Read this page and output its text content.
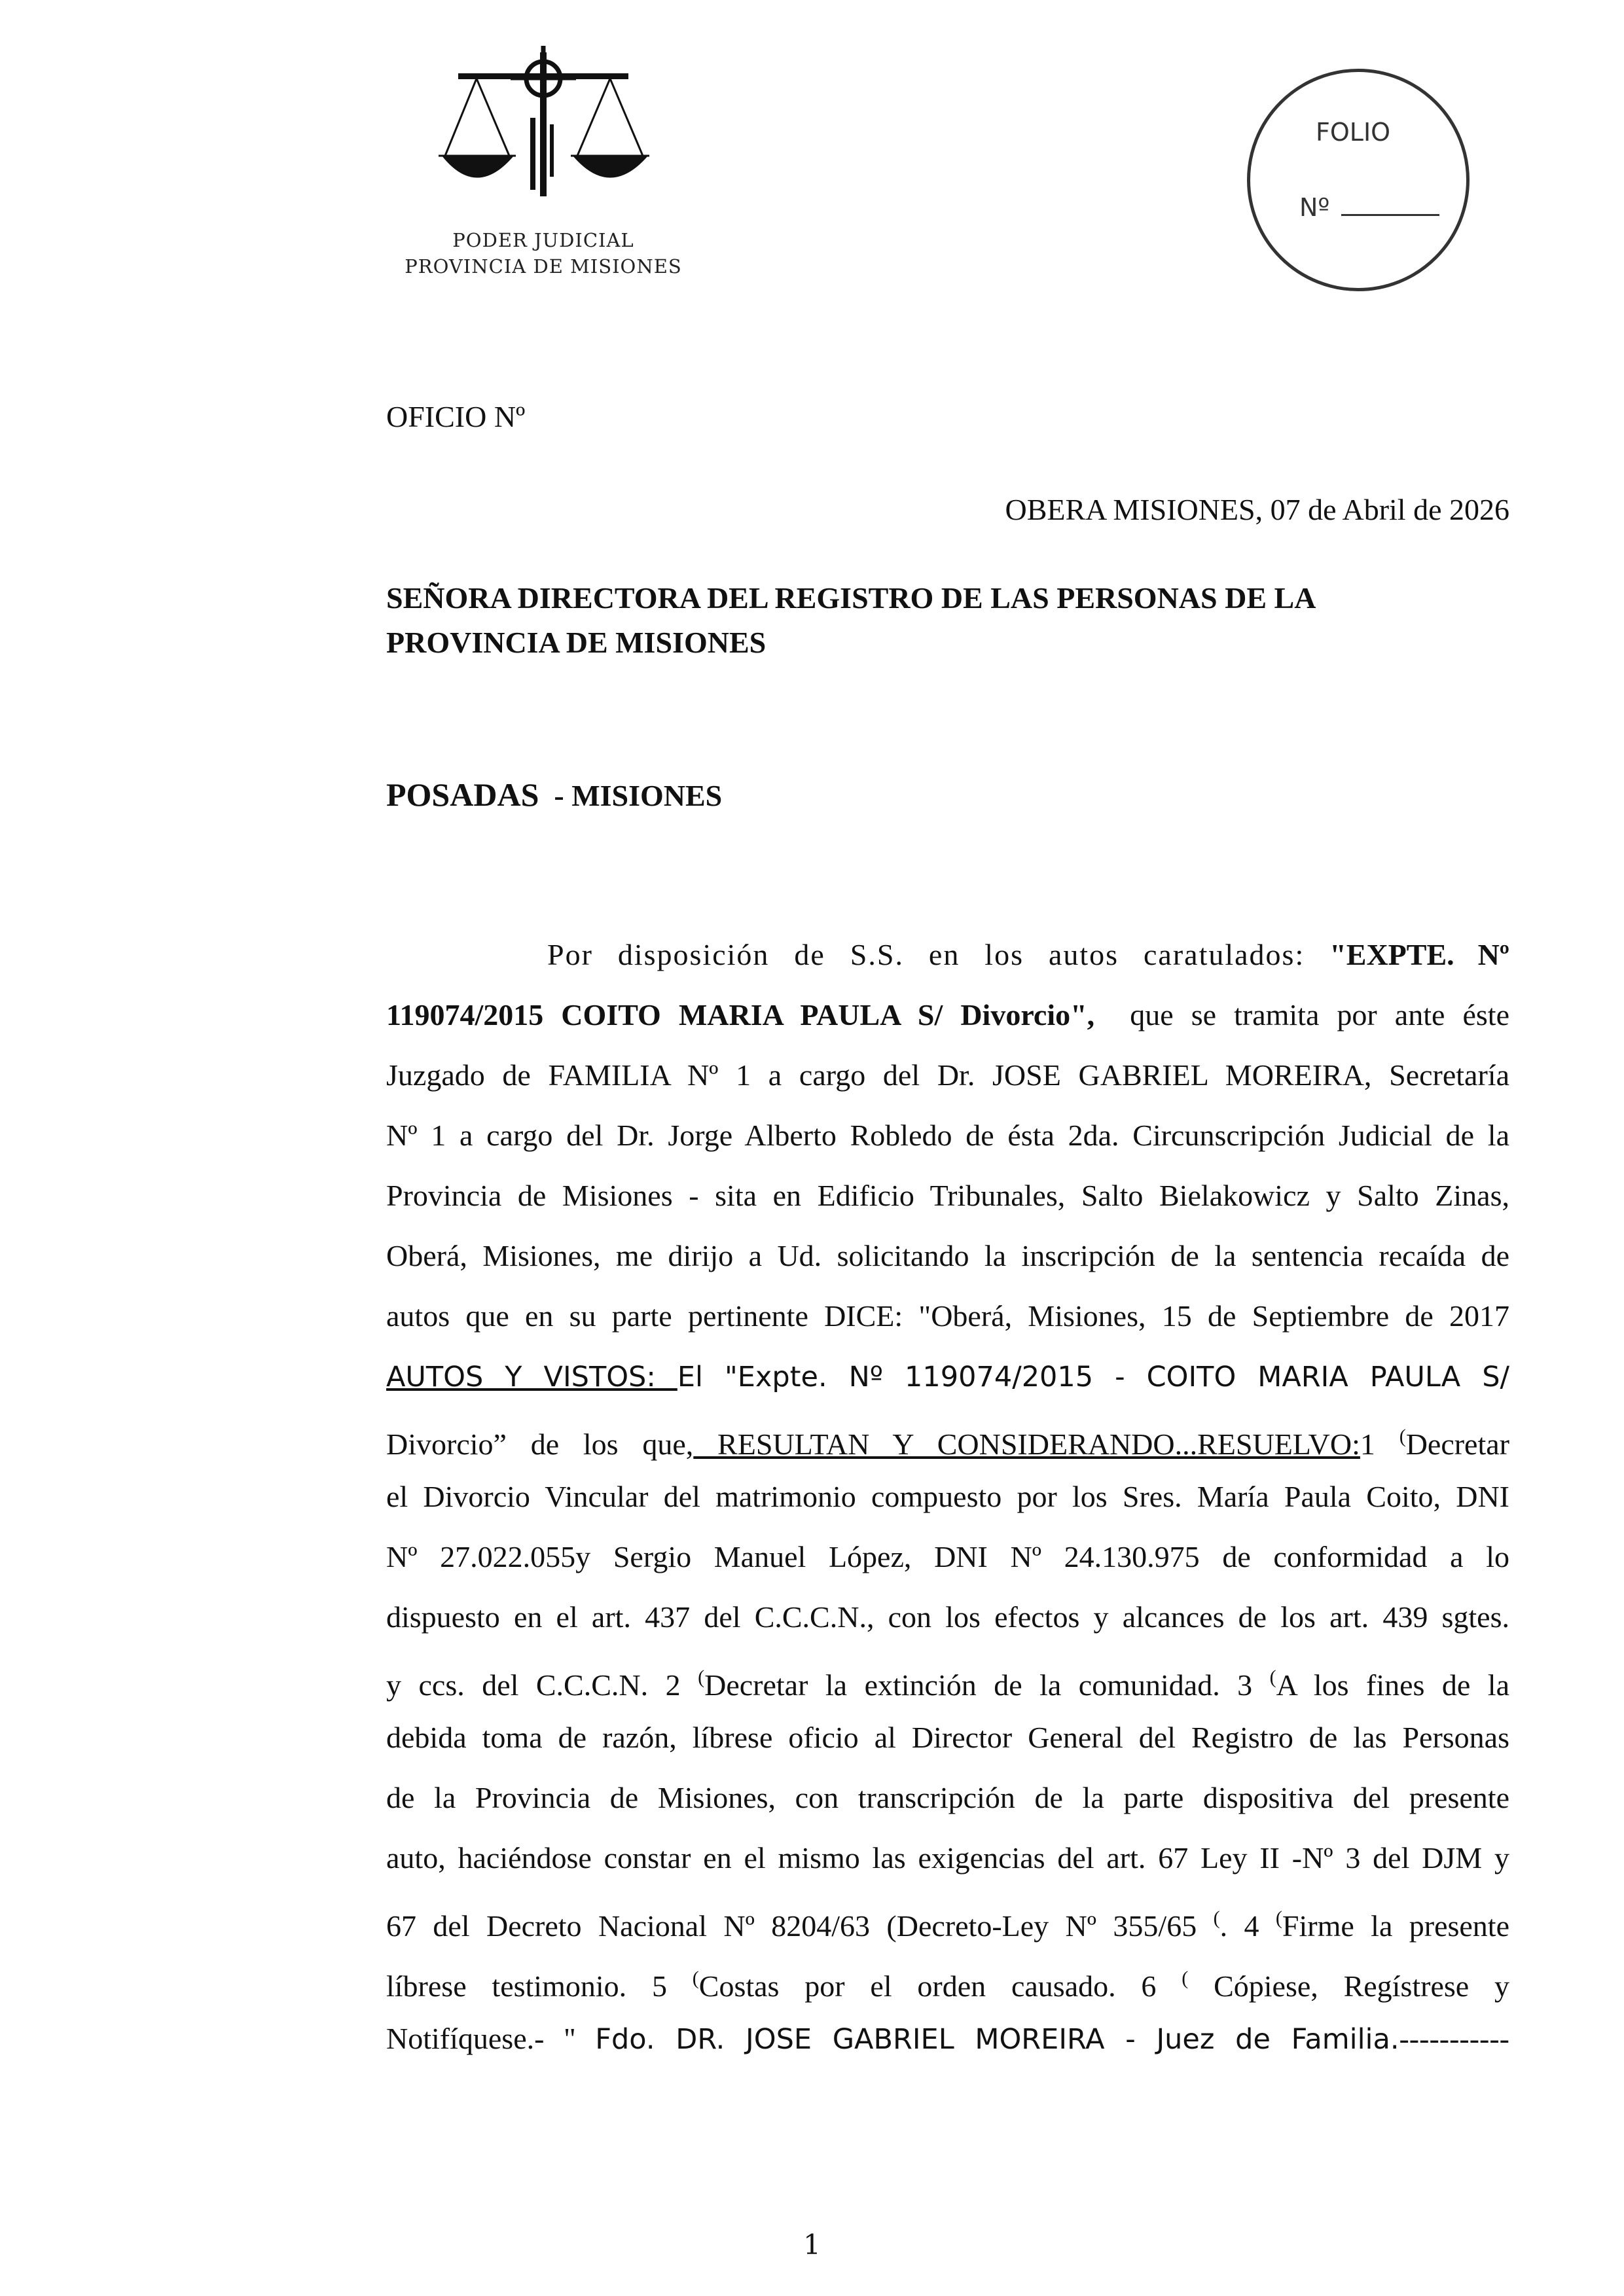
PODER JUDICIAL
PROVINCIA DE MISIONES
FOLIO
Nº
OFICIO Nº
OBERA MISIONES, 07 de Abril de 2026
SEÑORA DIRECTORA DEL REGISTRO DE LAS PERSONAS DE LA
PROVINCIA DE MISIONES
POSADAS - MISIONES
Por disposición de S.S. en los autos caratulados: "EXPTE. Nº
119074/2015 COITO MARIA PAULA S/ Divorcio", que se tramita por ante éste
Juzgado de FAMILIA Nº 1 a cargo del Dr. JOSE GABRIEL MOREIRA, Secretaría
Nº 1 a cargo del Dr. Jorge Alberto Robledo de ésta 2da. Circunscripción Judicial de la
Provincia de Misiones - sita en Edificio Tribunales, Salto Bielakowicz y Salto Zinas,
Oberá, Misiones, me dirijo a Ud. solicitando la inscripción de la sentencia recaída de
autos que en su parte pertinente DICE: "Oberá, Misiones, 15 de Septiembre de 2017
AUTOS Y VISTOS: El "Expte. Nº 119074/2015 - COITO MARIA PAULA S/
Divorcio” de los que, RESULTAN Y CONSIDERANDO...RESUELVO:1 (Decretar
el Divorcio Vincular del matrimonio compuesto por los Sres. María Paula Coito, DNI
Nº 27.022.055y Sergio Manuel López, DNI Nº 24.130.975 de conformidad a lo
dispuesto en el art. 437 del C.C.C.N., con los efectos y alcances de los art. 439 sgtes.
y ccs. del C.C.C.N. 2 (Decretar la extinción de la comunidad. 3 (A los fines de la
debida toma de razón, líbrese oficio al Director General del Registro de las Personas
de la Provincia de Misiones, con transcripción de la parte dispositiva del presente
auto, haciéndose constar en el mismo las exigencias del art. 67 Ley II -Nº 3 del DJM y
67 del Decreto Nacional Nº 8204/63 (Decreto-Ley Nº 355/65 (. 4 (Firme la presente
líbrese testimonio. 5 (Costas por el orden causado. 6 ( Cópiese, Regístrese y
Notifíquese.- " Fdo. DR. JOSE GABRIEL MOREIRA - Juez de Familia.-----------
1
